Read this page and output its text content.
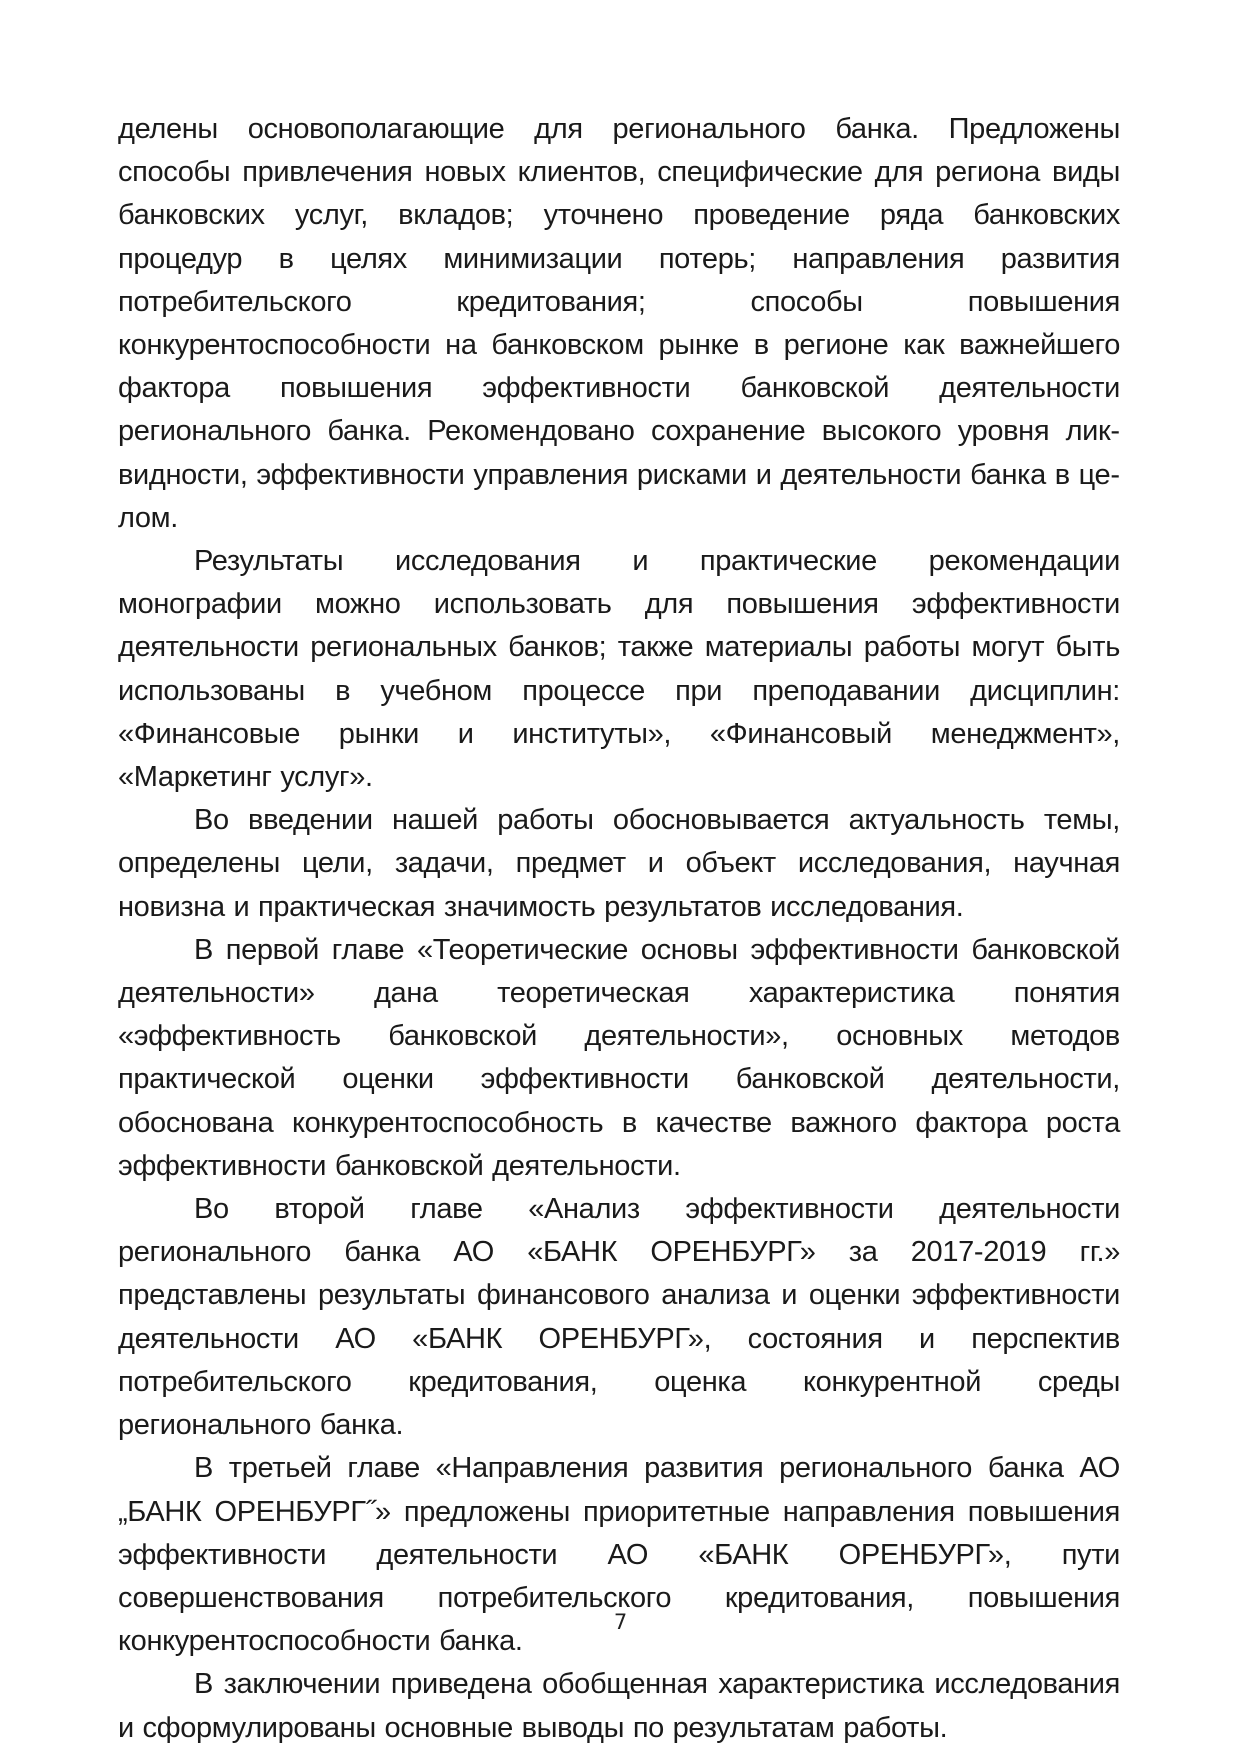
делены основополагающие для регионального банка. Предложены способы привлечения новых клиентов, специфические для региона виды банковских услуг, вкладов; уточнено проведение ряда банковских процедур в целях минимизации потерь; направления развития потребительского кредитования; способы повышения конкурентоспособности на банковском рынке в регионе как важнейшего фактора повышения эффективности банковской деятельности регионального банка. Рекомендовано сохранение высокого уровня ликвидности, эффективности управления рисками и деятельности банка в целом.

Результаты исследования и практические рекомендации монографии можно использовать для повышения эффективности деятельности региональных банков; также материалы работы могут быть использованы в учебном процессе при преподавании дисциплин: «Финансовые рынки и институты», «Финансовый менеджмент», «Маркетинг услуг».

Во введении нашей работы обосновывается актуальность темы, определены цели, задачи, предмет и объект исследования, научная новизна и практическая значимость результатов исследования.

В первой главе «Теоретические основы эффективности банковской деятельности» дана теоретическая характеристика понятия «эффективность банковской деятельности», основных методов практической оценки эффективности банковской деятельности, обоснована конкурентоспособность в качестве важного фактора роста эффективности банковской деятельности.

Во второй главе «Анализ эффективности деятельности регионального банка АО «БАНК ОРЕНБУРГ» за 2017-2019 гг.» представлены результаты финансового анализа и оценки эффективности деятельности АО «БАНК ОРЕНБУРГ», состояния и перспектив потребительского кредитования, оценка конкурентной среды регионального банка.

В третьей главе «Направления развития регионального банка АО „БАНК ОРЕНБУРГ˝» предложены приоритетные направления повышения эффективности деятельности АО «БАНК ОРЕНБУРГ», пути совершенствования потребительского кредитования, повышения конкурентоспособности банка.

В заключении приведена обобщенная характеристика исследования и сформулированы основные выводы по результатам работы.

7
